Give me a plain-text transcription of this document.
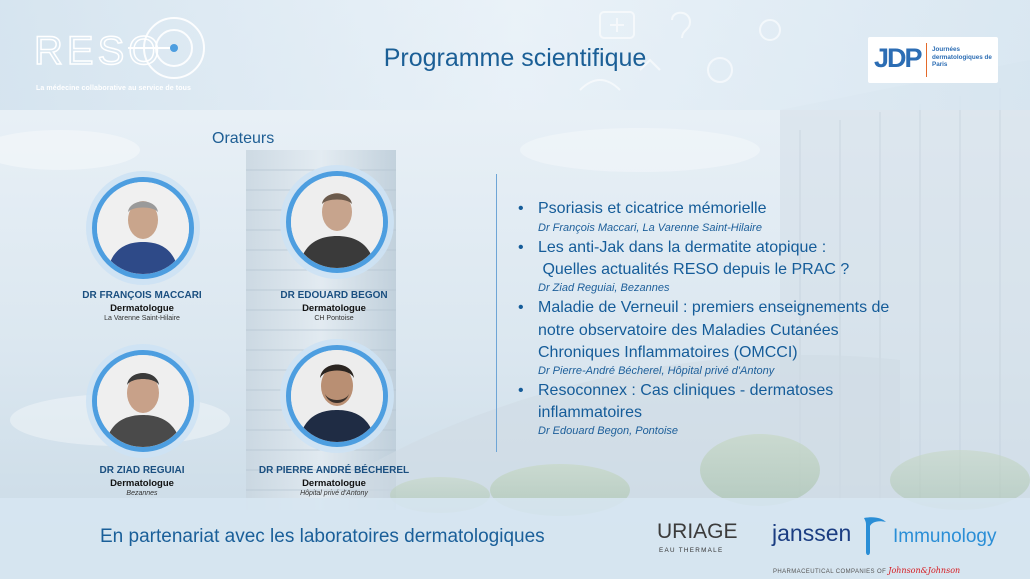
RESO
La médecine collaborative au service de tous
Programme scientifique	JDP Journées dermatologiques de Paris
Orateurs
DR FRANÇOIS MACCARI
Dermatologue
La Varenne Saint-Hilaire
DR EDOUARD BEGON
Dermatologue
CH Pontoise
DR ZIAD REGUIAI
Dermatologue
Bezannes
DR PIERRE ANDRÉ BÉCHEREL
Dermatologue
Hôpital privé d'Antony
• Psoriasis et cicatrice mémorielle
Dr François Maccari, La Varenne Saint-Hilaire
• Les anti-Jak dans la dermatite atopique :
Quelles actualités RESO depuis le PRAC ?
Dr Ziad Reguiai, Bezannes
• Maladie de Verneuil : premiers enseignements de
notre observatoire des Maladies Cutanées
Chroniques Inflammatoires (OMCCI)
Dr Pierre-André Bécherel, Hôpital privé d'Antony
• Resoconnex : Cas cliniques - dermatoses
inflammatoires
Dr Edouard Begon, Pontoise
En partenariat avec les laboratoires dermatologiques	URIAGE
EAU THERMALE
janssen Immunology
PHARMACEUTICAL COMPANIES OF Johnson&Johnson
